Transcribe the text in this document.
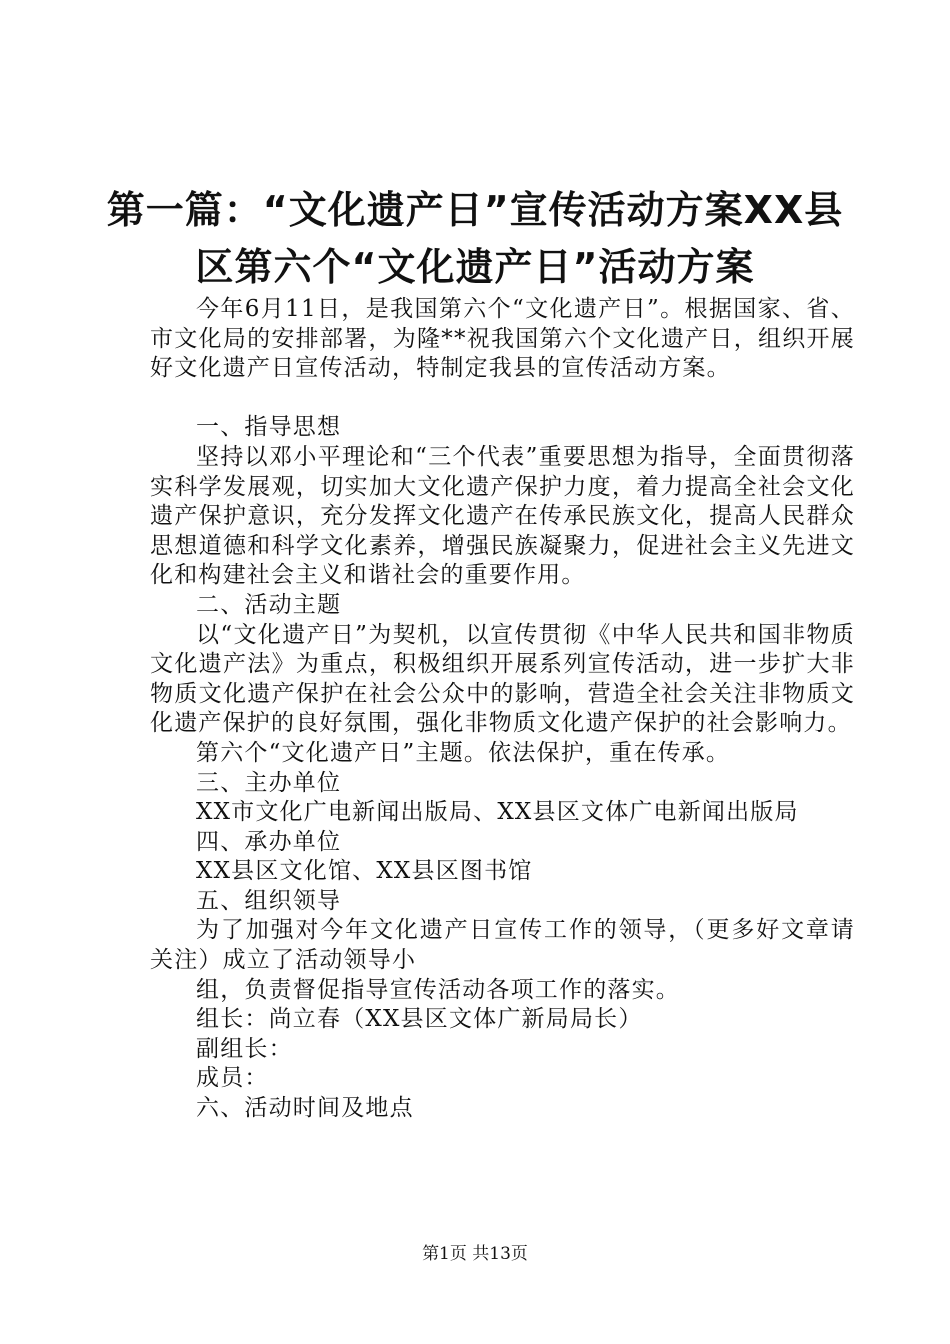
第一篇：“文化遗产日”宣传活动方案XX县
区第六个“文化遗产日”活动方案

今年6月11日，是我国第六个“文化遗产日”。根据国家、省、市文化局的安排部署，为隆**祝我国第六个文化遗产日，组织开展好文化遗产日宣传活动，特制定我县的宣传活动方案。

一、指导思想

坚持以邓小平理论和“三个代表”重要思想为指导，全面贯彻落实科学发展观，切实加大文化遗产保护力度，着力提高全社会文化遗产保护意识，充分发挥文化遗产在传承民族文化，提高人民群众思想道德和科学文化素养，增强民族凝聚力，促进社会主义先进文化和构建社会主义和谐社会的重要作用。

二、活动主题

以“文化遗产日”为契机，以宣传贯彻《中华人民共和国非物质文化遗产法》为重点，积极组织开展系列宣传活动，进一步扩大非物质文化遗产保护在社会公众中的影响，营造全社会关注非物质文化遗产保护的良好氛围，强化非物质文化遗产保护的社会影响力。

第六个“文化遗产日”主题。依法保护，重在传承。

三、主办单位

XX市文化广电新闻出版局、XX县区文体广电新闻出版局

四、承办单位

XX县区文化馆、XX县区图书馆

五、组织领导

为了加强对今年文化遗产日宣传工作的领导，（更多好文章请关注）成立了活动领导小

组，负责督促指导宣传活动各项工作的落实。

组长：尚立春（XX县区文体广新局局长）

副组长：

成员：

六、活动时间及地点

第1页 共13页
